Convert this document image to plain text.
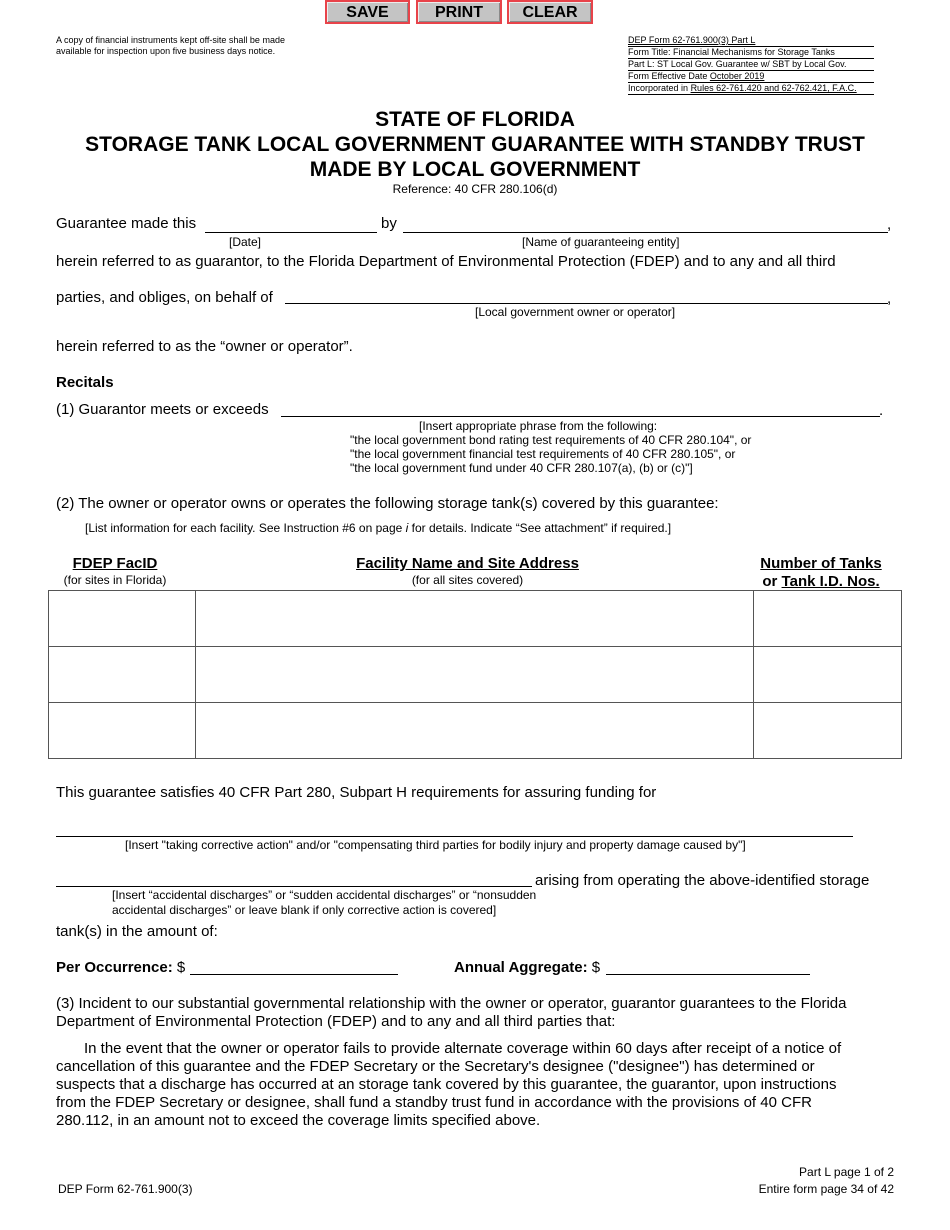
SAVE	PRINT	CLEAR
A copy of financial instruments kept off-site shall be made
available for inspection upon five business days notice.
DEP Form 62-761.900(3) Part L
Form Title: Financial Mechanisms for Storage Tanks
Part L: ST Local Gov. Guarantee w/ SBT by Local Gov.
Form Effective Date October 2019
Incorporated in Rules 62-761.420 and 62-762.421, F.A.C.
STATE OF FLORIDA
STORAGE TANK LOCAL GOVERNMENT GUARANTEE WITH STANDBY TRUST
MADE BY LOCAL GOVERNMENT
Reference: 40 CFR 280.106(d)
Guarantee made this	by	,
[Date]	[Name of guaranteeing entity]
herein referred to as guarantor, to the Florida Department of Environmental Protection (FDEP) and to any and all third
parties, and obliges, on behalf of	,
[Local government owner or operator]
herein referred to as the “owner or operator”.
Recitals
(1) Guarantor meets or exceeds	.
[Insert appropriate phrase from the following:
"the local government bond rating test requirements of 40 CFR 280.104", or
"the local government financial test requirements of 40 CFR 280.105", or
"the local government fund under 40 CFR 280.107(a), (b) or (c)"]
(2) The owner or operator owns or operates the following storage tank(s) covered by this guarantee:
[List information for each facility. See Instruction #6 on page i for details. Indicate “See attachment” if required.]
FDEP FacID
(for sites in Florida)
Facility Name and Site Address
(for all sites covered)
Number of Tanks
or Tank I.D. Nos.

This guarantee satisfies 40 CFR Part 280, Subpart H requirements for assuring funding for
[Insert "taking corrective action" and/or "compensating third parties for bodily injury and property damage caused by"]
arising from operating the above-identified storage
[Insert “accidental discharges” or “sudden accidental discharges” or “nonsudden
accidental discharges” or leave blank if only corrective action is covered]
tank(s) in the amount of:
Per Occurrence: $	Annual Aggregate: $
(3) Incident to our substantial governmental relationship with the owner or operator, guarantor guarantees to the Florida
Department of Environmental Protection (FDEP) and to any and all third parties that:
In the event that the owner or operator fails to provide alternate coverage within 60 days after receipt of a notice of
cancellation of this guarantee and the FDEP Secretary or the Secretary's designee ("designee") has determined or
suspects that a discharge has occurred at an storage tank covered by this guarantee, the guarantor, upon instructions
from the FDEP Secretary or designee, shall fund a standby trust fund in accordance with the provisions of 40 CFR
280.112, in an amount not to exceed the coverage limits specified above.
DEP Form 62-761.900(3)
Part L page 1 of 2
Entire form page 34 of 42
